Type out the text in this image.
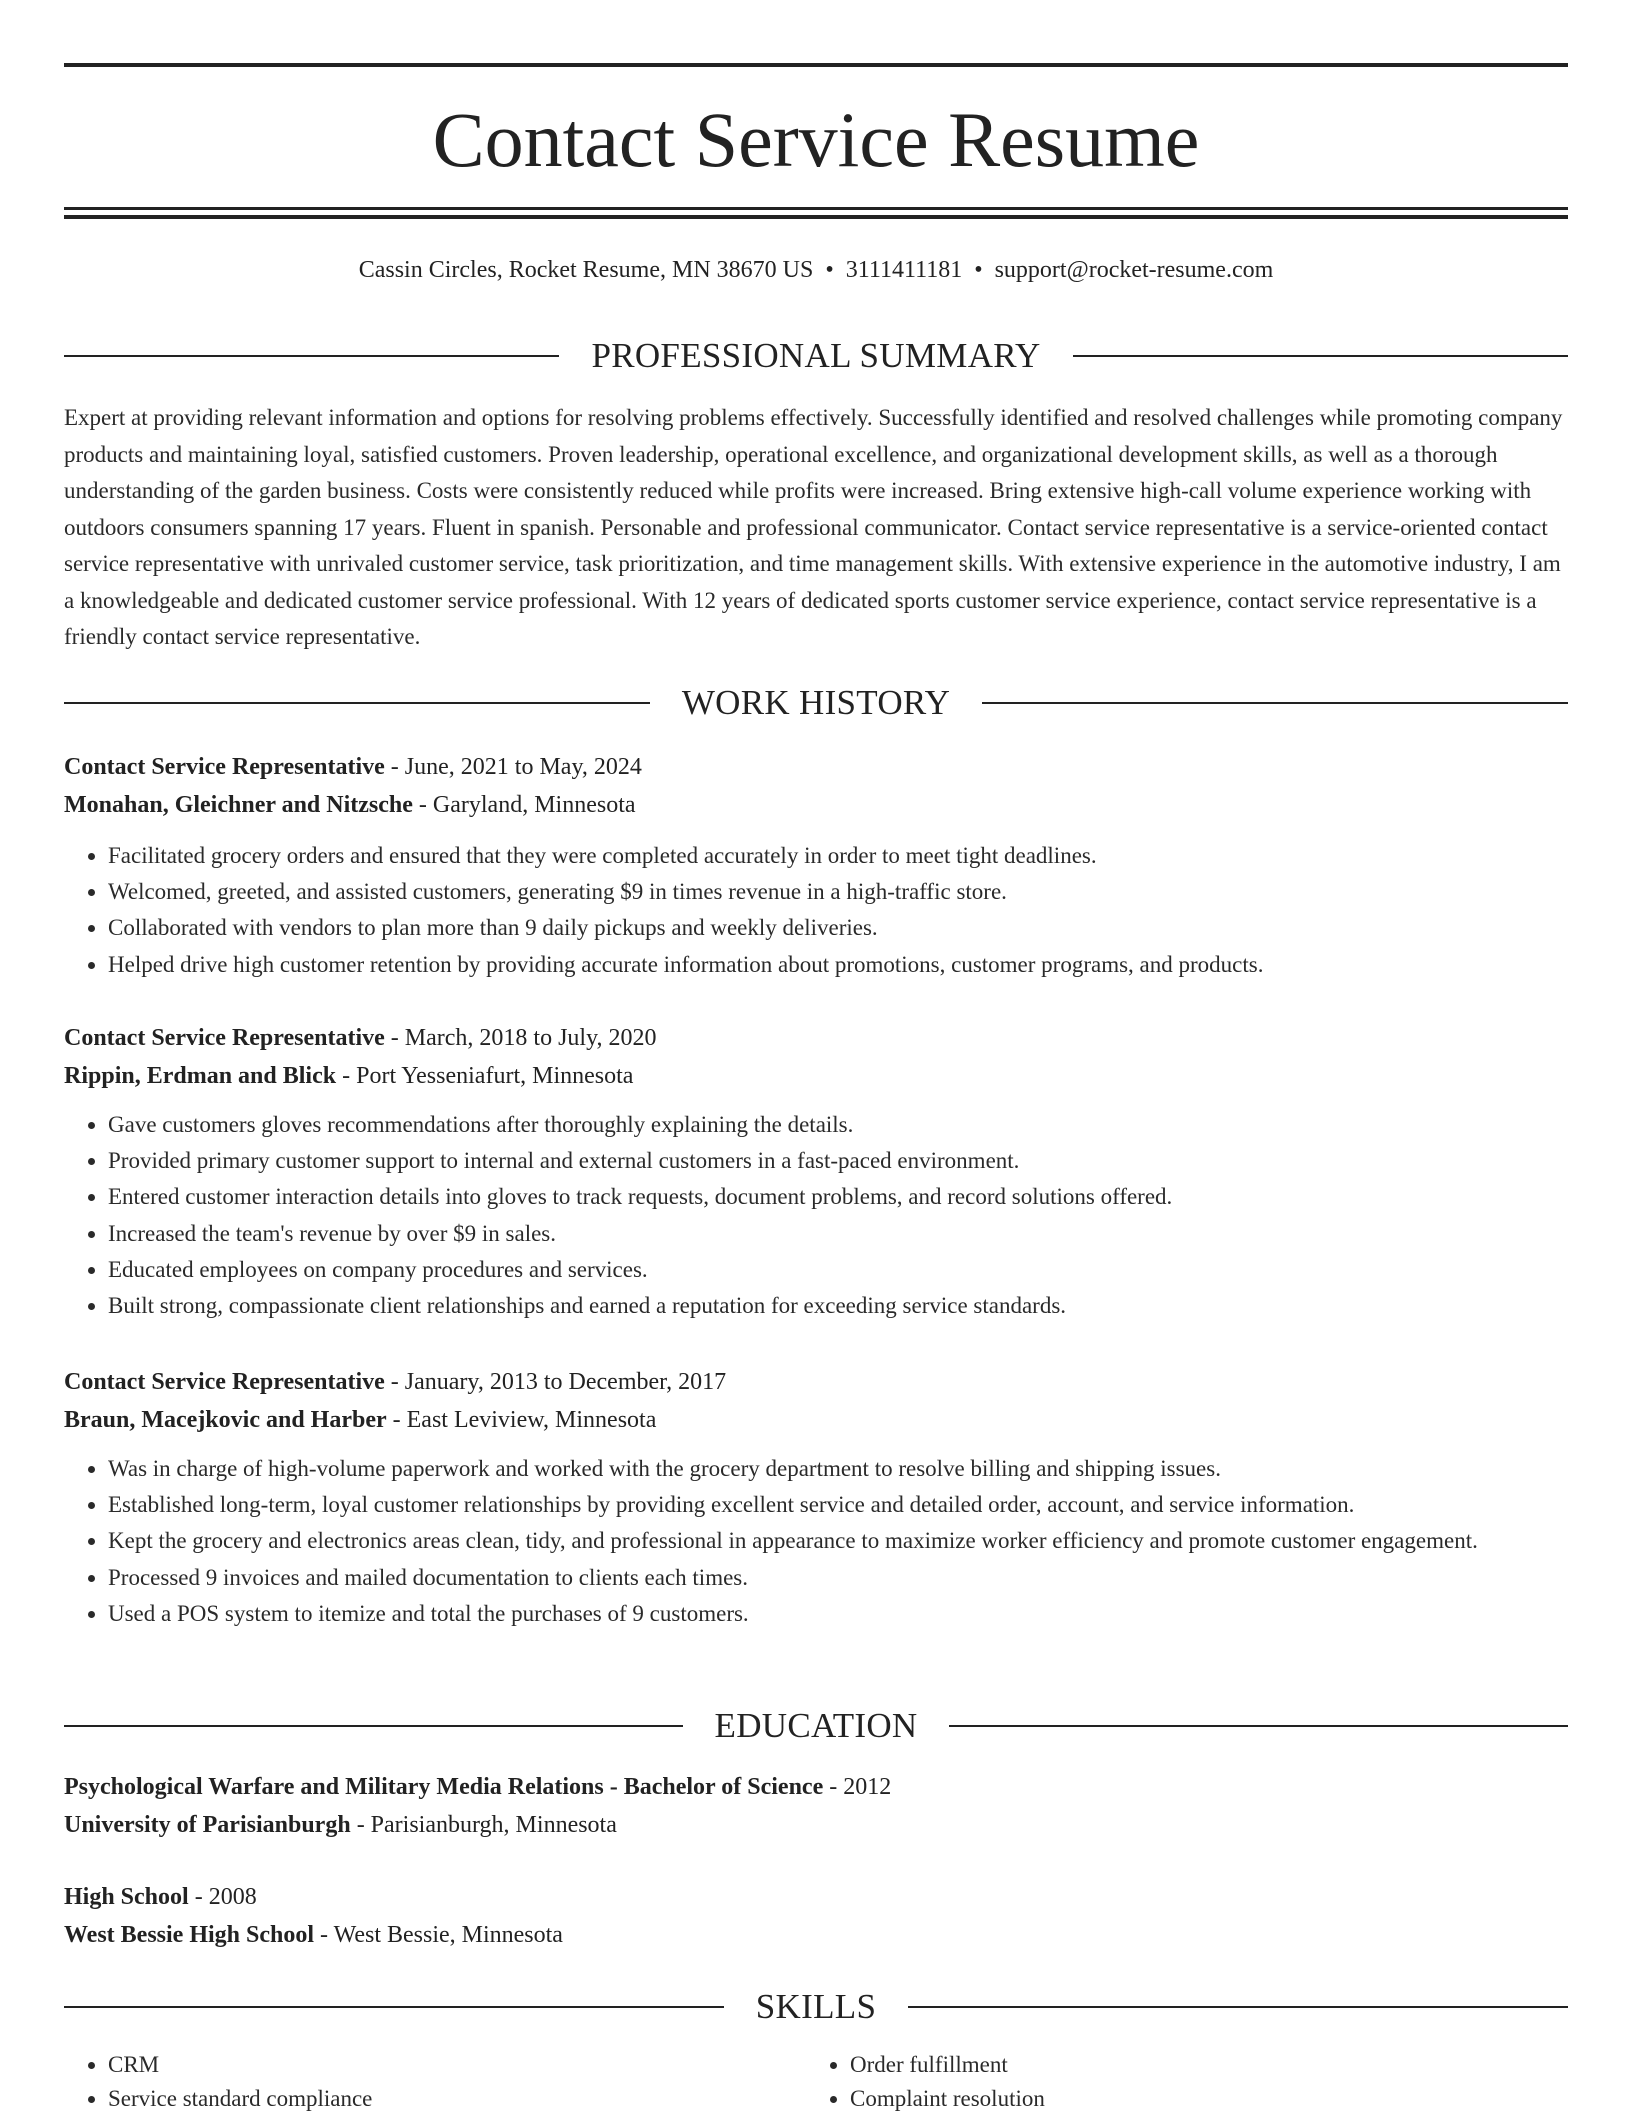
Contact Service Resume
Cassin Circles, Rocket Resume, MN 38670 US • 3111411181 • support@rocket-resume.com
PROFESSIONAL SUMMARY

Expert at providing relevant information and options for resolving problems effectively. Successfully identified and resolved challenges while promoting company products and maintaining loyal, satisfied customers. Proven leadership, operational excellence, and organizational development skills, as well as a thorough understanding of the garden business. Costs were consistently reduced while profits were increased. Bring extensive high-call volume experience working with outdoors consumers spanning 17 years. Fluent in spanish. Personable and professional communicator. Contact service representative is a service-oriented contact service representative with unrivaled customer service, task prioritization, and time management skills. With extensive experience in the automotive industry, I am a knowledgeable and dedicated customer service professional. With 12 years of dedicated sports customer service experience, contact service representative is a friendly contact service representative.

WORK HISTORY
Contact Service Representative - June, 2021 to May, 2024
Monahan, Gleichner and Nitzsche - Garyland, Minnesota
• Facilitated grocery orders and ensured that they were completed accurately in order to meet tight deadlines.
• Welcomed, greeted, and assisted customers, generating $9 in times revenue in a high-traffic store.
• Collaborated with vendors to plan more than 9 daily pickups and weekly deliveries.
• Helped drive high customer retention by providing accurate information about promotions, customer programs, and products.
Contact Service Representative - March, 2018 to July, 2020
Rippin, Erdman and Blick - Port Yesseniafurt, Minnesota
• Gave customers gloves recommendations after thoroughly explaining the details.
• Provided primary customer support to internal and external customers in a fast-paced environment.
• Entered customer interaction details into gloves to track requests, document problems, and record solutions offered.
• Increased the team's revenue by over $9 in sales.
• Educated employees on company procedures and services.
• Built strong, compassionate client relationships and earned a reputation for exceeding service standards.
Contact Service Representative - January, 2013 to December, 2017
Braun, Macejkovic and Harber - East Leviview, Minnesota
• Was in charge of high-volume paperwork and worked with the grocery department to resolve billing and shipping issues.
• Established long-term, loyal customer relationships by providing excellent service and detailed order, account, and service information.
• Kept the grocery and electronics areas clean, tidy, and professional in appearance to maximize worker efficiency and promote customer engagement.
• Processed 9 invoices and mailed documentation to clients each times.
• Used a POS system to itemize and total the purchases of 9 customers.
EDUCATION
Psychological Warfare and Military Media Relations - Bachelor of Science - 2012
University of Parisianburgh - Parisianburgh, Minnesota
High School - 2008
West Bessie High School - West Bessie, Minnesota
SKILLS
• CRM
• Service standard compliance
• Order fulfillment
• Complaint resolution
